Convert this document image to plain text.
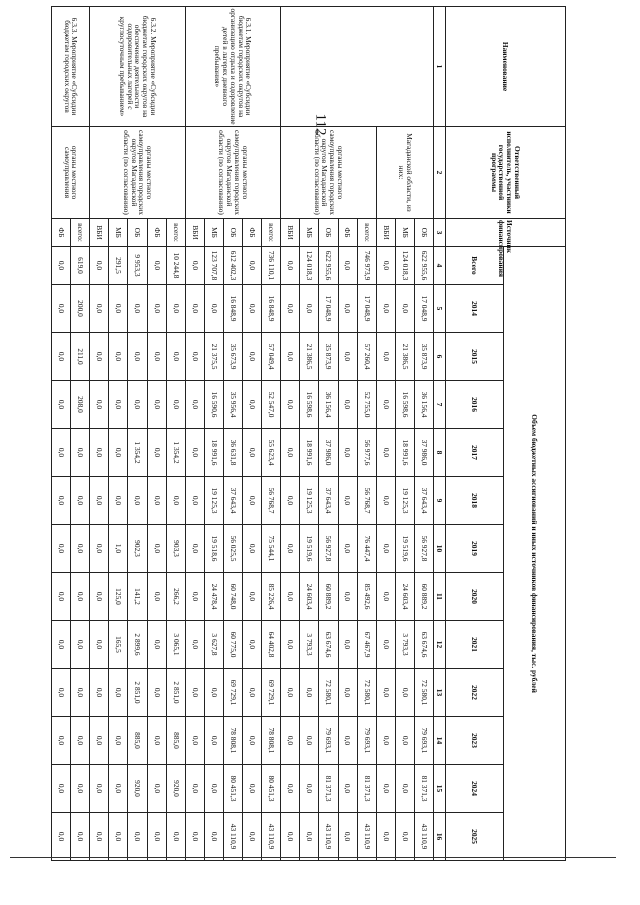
112
Наименование	Ответственный исполнитель, участники государственной программы	Источник финансирования	Объем бюджетных ассигнований и иных источников финансирования, тыс. рублей												
			Всего	2014	2015	2016	2017	2018	2019	2020	2021	2022	2023	2024	2025
1	2	3	4	5	6	7	8	9	10	11	12	13	14	15	16
	Магаданской области, из них:	ОБ	622 955,6	17 048,9	35 873,9	36 156,4	37 986,0	37 643,4	56 927,8	60 889,2	63 674,6	72 580,1	79 693,1	81 371,3	43 110,9
		МБ	124 018,3	0,0	21 386,5	16 598,6	18 991,6	19 125,3	19 519,6	24 603,4	3 793,3	0,0	0,0	0,0	0,0
		ВБИ	0,0	0,0	0,0	0,0	0,0	0,0	0,0	0,0	0,0	0,0	0,0	0,0	0,0
	органы местного самоуправления городских округов Магаданской области (по согласованию)	всего:	746 973,9	17 048,9	57 260,4	52 755,0	56 977,6	56 768,7	76 447,4	85 492,6	67 467,9	72 580,1	79 693,1	81 371,3	43 110,9
		ФБ	0,0	0,0	0,0	0,0	0,0	0,0	0,0	0,0	0,0	0,0	0,0	0,0	0,0
		ОБ	622 955,6	17 048,9	35 873,9	36 156,4	37 986,0	37 643,4	56 927,8	60 889,2	63 674,6	72 580,1	79 693,1	81 371,3	43 110,9
		МБ	124 018,3	0,0	21 386,5	16 598,6	18 991,6	19 125,3	19 519,6	24 603,4	3 793,3	0,0	0,0	0,0	0,0
		ВБИ	0,0	0,0	0,0	0,0	0,0	0,0	0,0	0,0	0,0	0,0	0,0	0,0	0,0
6.3.1. Мероприятие «Субсидии бюджетам городских округов на организацию отдыха и оздоровление детей в лагерях дневного пребывания»	органы местного самоуправления городских округов Магаданской области (по согласованию)	всего:	736 110,1	16 848,9	57 049,4	52 547,0	55 623,4	56 768,7	75 544,1	85 226,4	64 402,8	69 729,1	78 808,1	80 451,3	43 110,9
		ФБ	0,0	0,0	0,0	0,0	0,0	0,0	0,0	0,0	0,0	0,0	0,0	0,0	0,0
		ОБ	612 402,3	16 848,9	35 673,9	35 956,4	36 631,8	37 643,4	56 025,5	60 748,0	60 775,0	69 729,1	78 808,1	80 451,3	43 110,9
		МБ	123 707,8	0,0	21 375,5	16 590,6	18 991,6	19 125,3	19 518,6	24 478,4	3 627,8	0,0	0,0	0,0	0,0
		ВБИ	0,0	0,0	0,0	0,0	0,0	0,0	0,0	0,0	0,0	0,0	0,0	0,0	0,0
6.3.2. Мероприятие «Субсидии бюджетам городских округов на обеспечение деятельности оздоровительных лагерей с круглосуточным пребыванием»	органы местного самоуправления городских округов Магаданской области (по согласованию)	всего:	10 244,8	0,0	0,0	0,0	1 354,2	0,0	903,3	266,2	3 065,1	2 851,0	885,0	920,0	0,0
		ФБ	0,0	0,0	0,0	0,0	0,0	0,0	0,0	0,0	0,0	0,0	0,0	0,0	0,0
		ОБ	9 953,3	0,0	0,0	0,0	1 354,2	0,0	902,3	141,2	2 899,6	2 851,0	885,0	920,0	0,0
		МБ	291,5	0,0	0,0	0,0	0,0	0,0	1,0	125,0	165,5	0,0	0,0	0,0	0,0
		ВБИ	0,0	0,0	0,0	0,0	0,0	0,0	0,0	0,0	0,0	0,0	0,0	0,0	0,0
6.3.3. Мероприятие «Субсидии бюджетам городских округов	органы местного самоуправления	всего:	619,0	200,0	211,0	208,0	0,0	0,0	0,0	0,0	0,0	0,0	0,0	0,0	0,0
		ФБ	0,0	0,0	0,0	0,0	0,0	0,0	0,0	0,0	0,0	0,0	0,0	0,0	0,0
